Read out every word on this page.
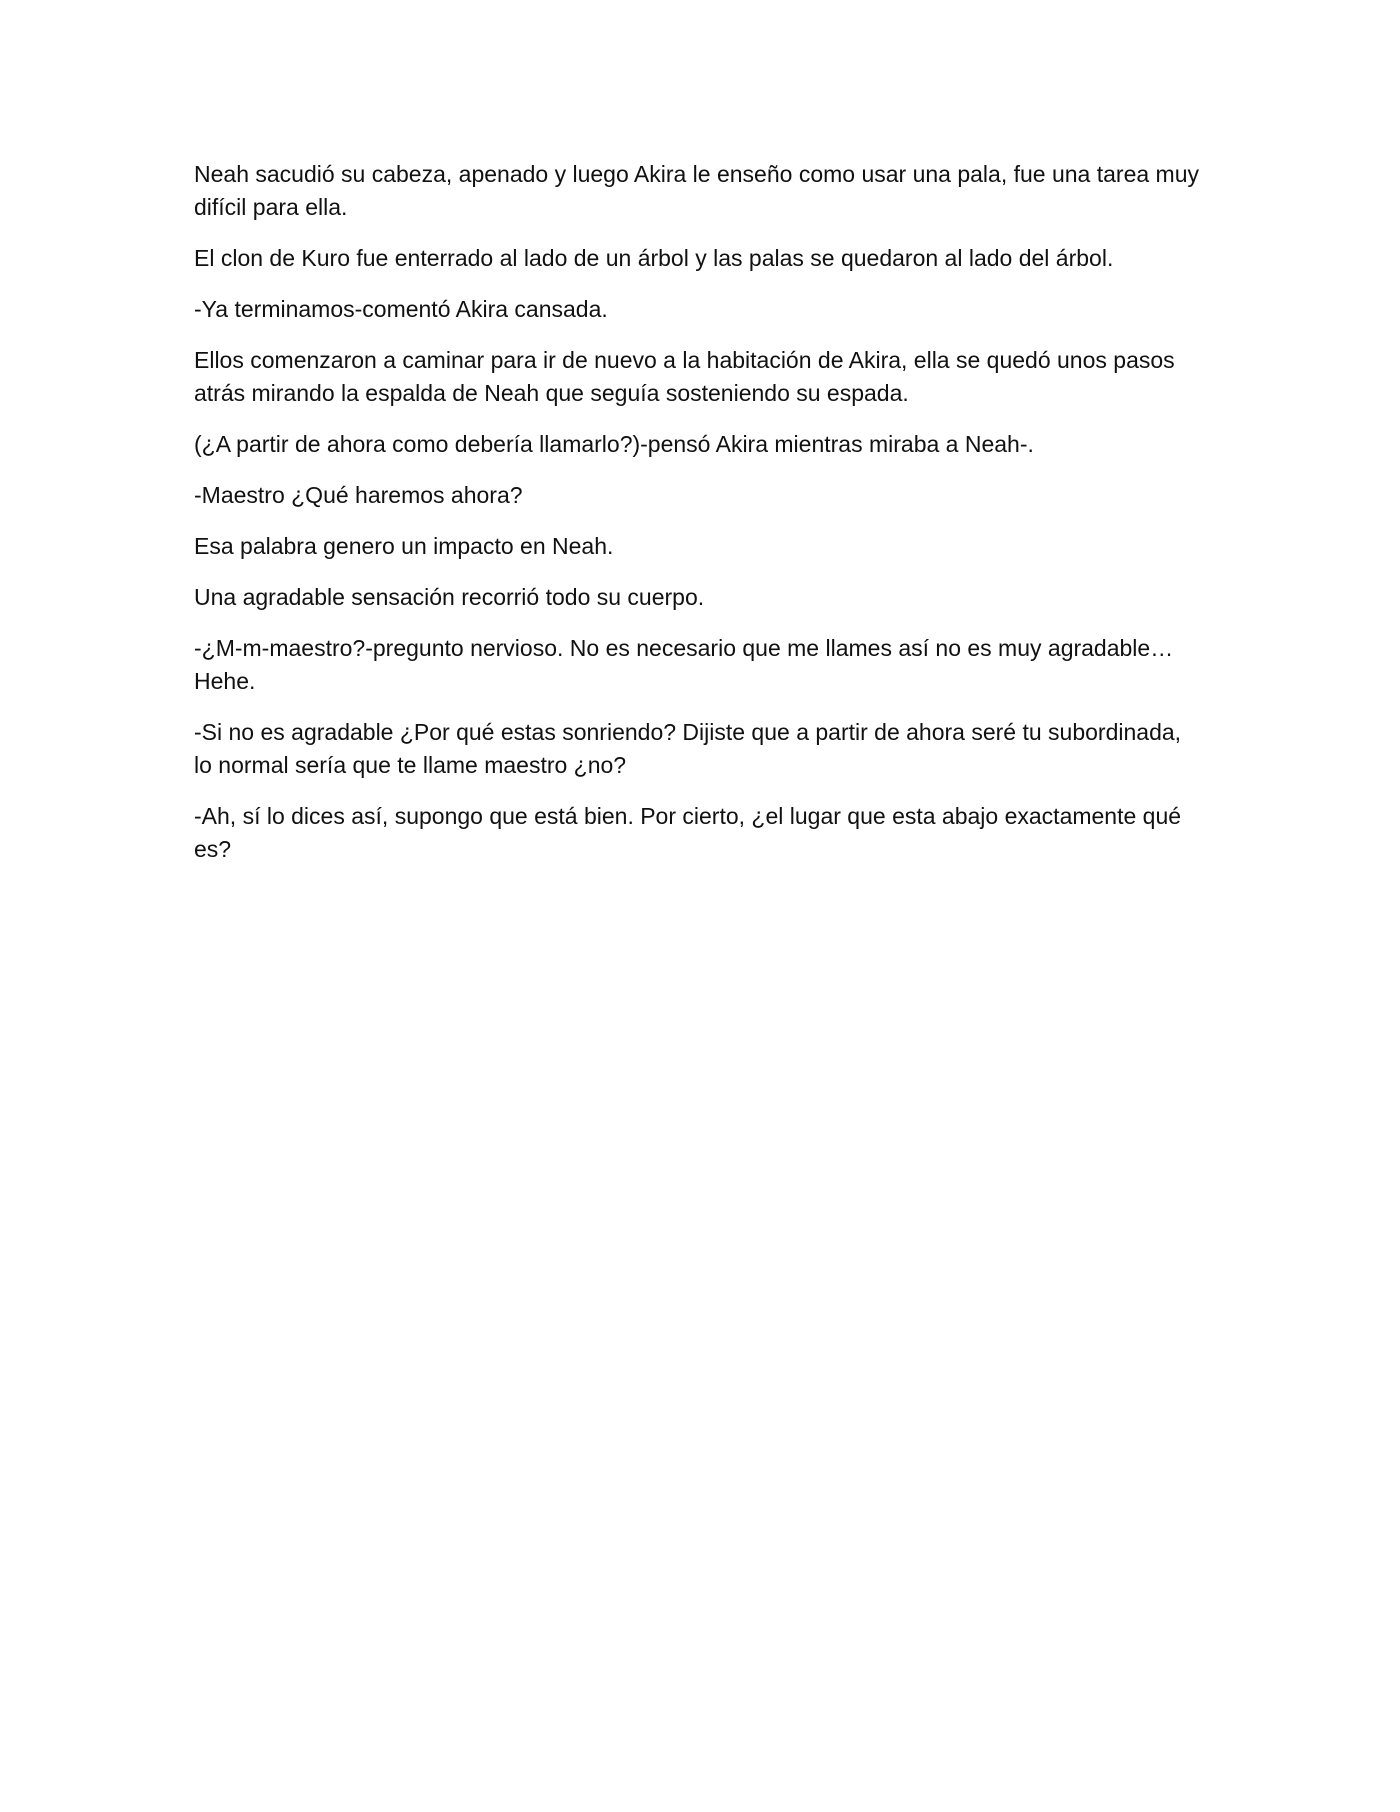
Neah sacudió su cabeza, apenado y luego Akira le enseño como usar una pala, fue una tarea muy difícil para ella.

El clon de Kuro fue enterrado al lado de un árbol y las palas se quedaron al lado del árbol.

-Ya terminamos-comentó Akira cansada.

Ellos comenzaron a caminar para ir de nuevo a la habitación de Akira, ella se quedó unos pasos atrás mirando la espalda de Neah que seguía sosteniendo su espada.

(¿A partir de ahora como debería llamarlo?)-pensó Akira mientras miraba a Neah-.

-Maestro ¿Qué haremos ahora?

Esa palabra genero un impacto en Neah.

Una agradable sensación recorrió todo su cuerpo.

-¿M-m-maestro?-pregunto nervioso. No es necesario que me llames así no es muy agradable… Hehe.

-Si no es agradable ¿Por qué estas sonriendo? Dijiste que a partir de ahora seré tu subordinada, lo normal sería que te llame maestro ¿no?

-Ah, sí lo dices así, supongo que está bien. Por cierto, ¿el lugar que esta abajo exactamente qué es?
